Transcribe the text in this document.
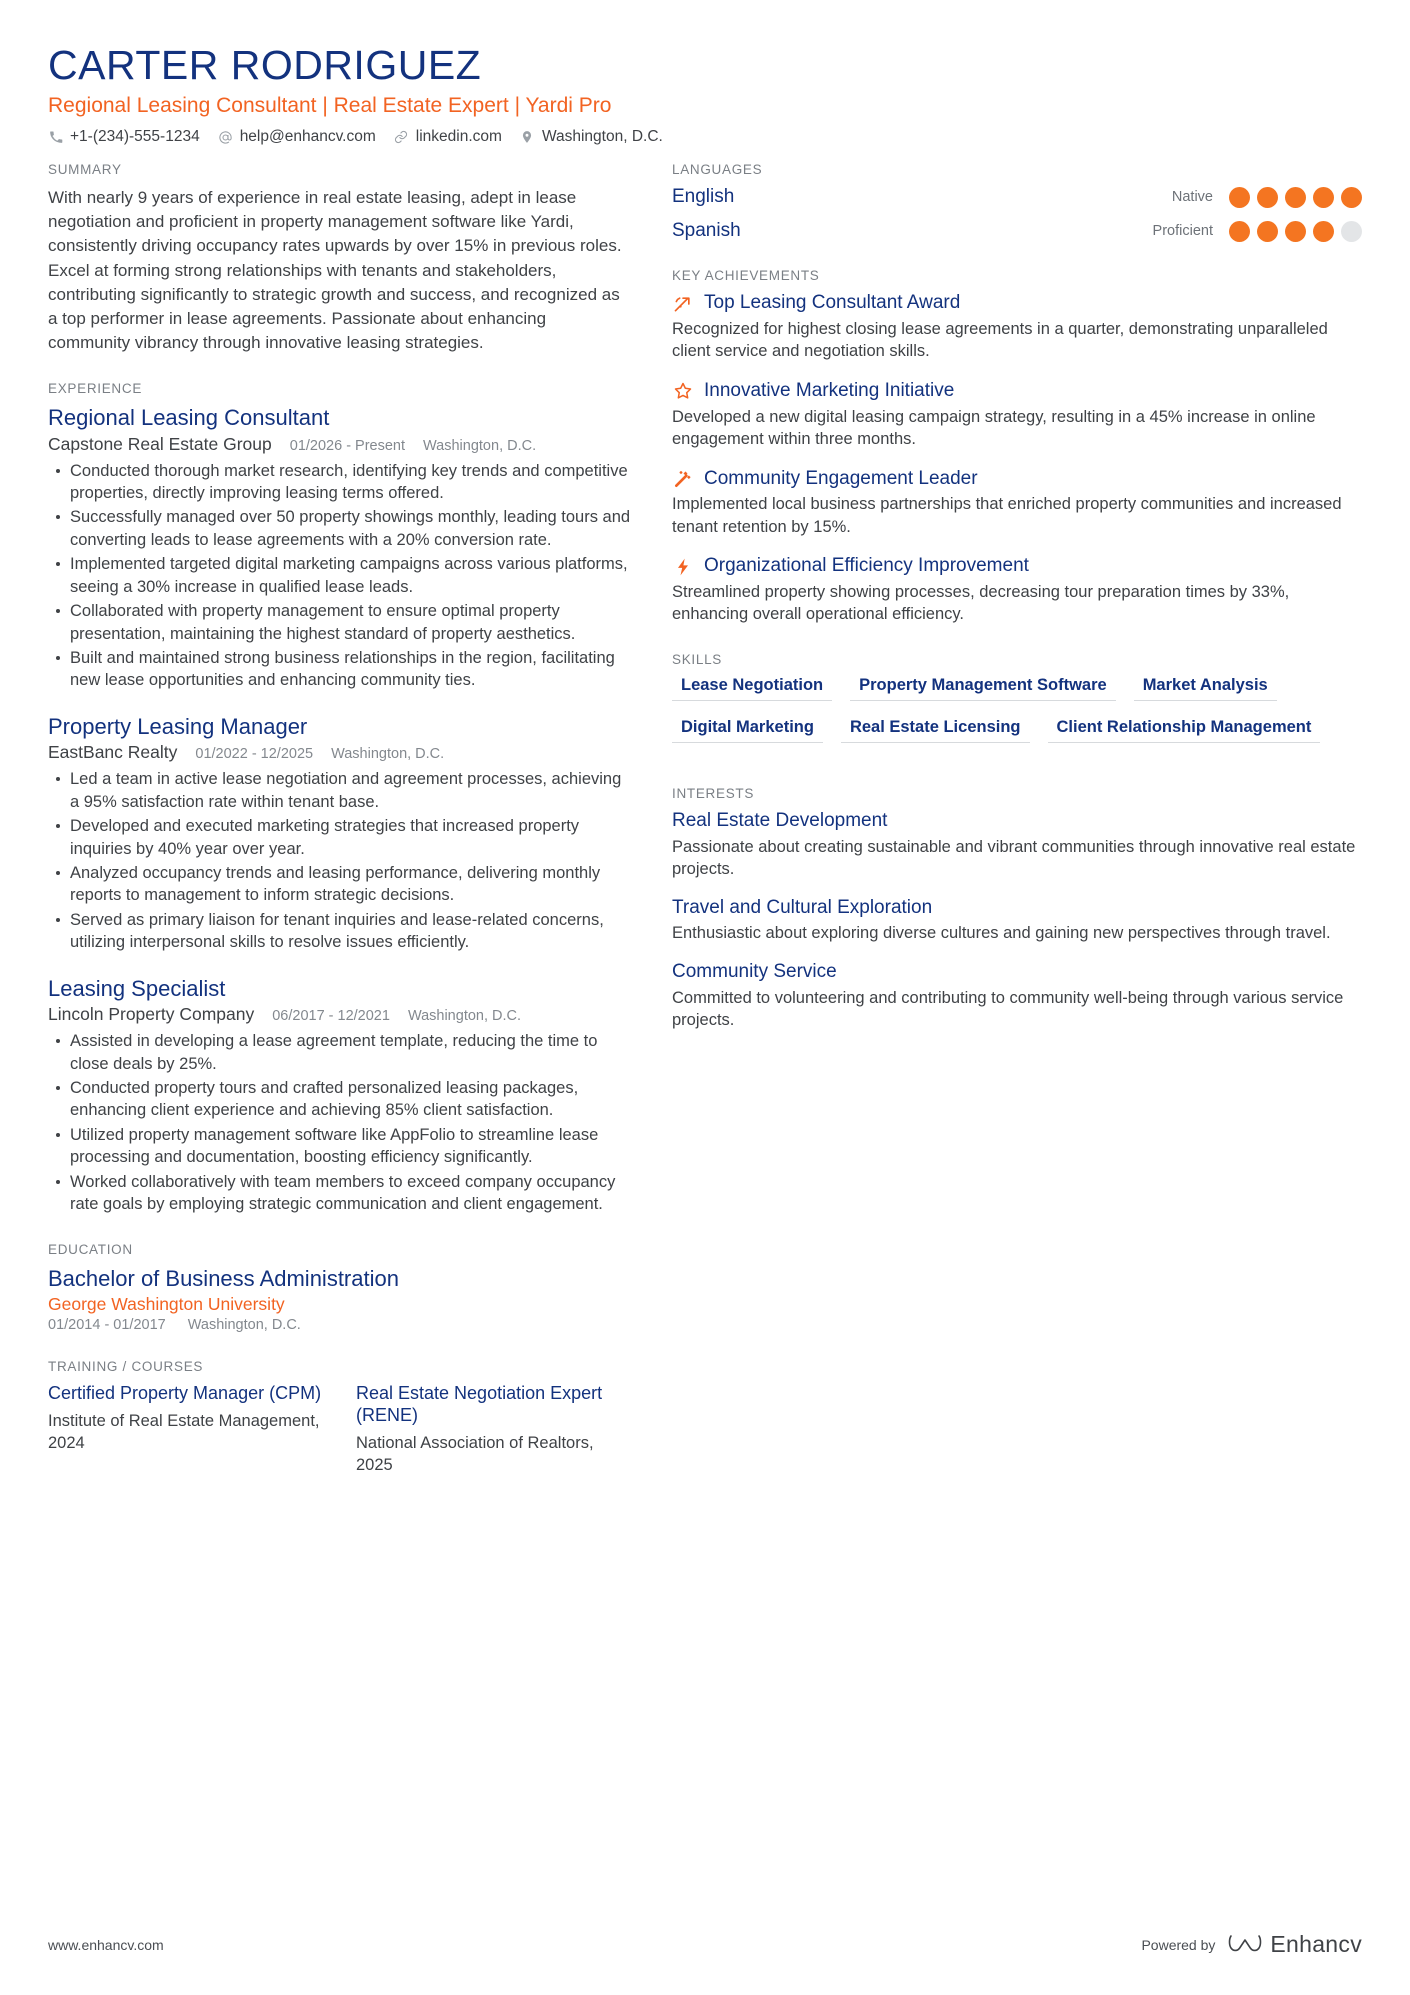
CARTER RODRIGUEZ
Regional Leasing Consultant | Real Estate Expert | Yardi Pro
+1-(234)-555-1234	help@enhancv.com	linkedin.com	Washington, D.C.
SUMMARY

With nearly 9 years of experience in real estate leasing, adept in lease negotiation and proficient in property management software like Yardi, consistently driving occupancy rates upwards by over 15% in previous roles. Excel at forming strong relationships with tenants and stakeholders, contributing significantly to strategic growth and success, and recognized as a top performer in lease agreements. Passionate about enhancing community vibrancy through innovative leasing strategies.

EXPERIENCE
Regional Leasing Consultant
Capstone Real Estate Group 01/2026 - Present Washington, D.C.
Conducted thorough market research, identifying key trends and competitive properties, directly improving leasing terms offered.
Successfully managed over 50 property showings monthly, leading tours and converting leads to lease agreements with a 20% conversion rate.
Implemented targeted digital marketing campaigns across various platforms, seeing a 30% increase in qualified lease leads.
Collaborated with property management to ensure optimal property presentation, maintaining the highest standard of property aesthetics.
Built and maintained strong business relationships in the region, facilitating new lease opportunities and enhancing community ties.
Property Leasing Manager
EastBanc Realty 01/2022 - 12/2025 Washington, D.C.
Led a team in active lease negotiation and agreement processes, achieving a 95% satisfaction rate within tenant base.
Developed and executed marketing strategies that increased property inquiries by 40% year over year.
Analyzed occupancy trends and leasing performance, delivering monthly reports to management to inform strategic decisions.
Served as primary liaison for tenant inquiries and lease-related concerns, utilizing interpersonal skills to resolve issues efficiently.
Leasing Specialist
Lincoln Property Company 06/2017 - 12/2021 Washington, D.C.
Assisted in developing a lease agreement template, reducing the time to close deals by 25%.
Conducted property tours and crafted personalized leasing packages, enhancing client experience and achieving 85% client satisfaction.
Utilized property management software like AppFolio to streamline lease processing and documentation, boosting efficiency significantly.
Worked collaboratively with team members to exceed company occupancy rate goals by employing strategic communication and client engagement.
EDUCATION
Bachelor of Business Administration
George Washington University
01/2014 - 01/2017 Washington, D.C.
TRAINING / COURSES
Certified Property Manager (CPM)

Institute of Real Estate Management, 2024

Real Estate Negotiation Expert (RENE)

National Association of Realtors, 2025

LANGUAGES
English	Native
Spanish	Proficient
KEY ACHIEVEMENTS
Top Leasing Consultant Award

Recognized for highest closing lease agreements in a quarter, demonstrating unparalleled client service and negotiation skills.

Innovative Marketing Initiative

Developed a new digital leasing campaign strategy, resulting in a 45% increase in online engagement within three months.

Community Engagement Leader

Implemented local business partnerships that enriched property communities and increased tenant retention by 15%.

Organizational Efficiency Improvement

Streamlined property showing processes, decreasing tour preparation times by 33%, enhancing overall operational efficiency.

SKILLS
Lease Negotiation	Property Management Software	Market Analysis
Digital Marketing	Real Estate Licensing	Client Relationship Management
INTERESTS
Real Estate Development

Passionate about creating sustainable and vibrant communities through innovative real estate projects.

Travel and Cultural Exploration

Enthusiastic about exploring diverse cultures and gaining new perspectives through travel.

Community Service

Committed to volunteering and contributing to community well-being through various service projects.

www.enhancv.com	Powered by Enhancv
